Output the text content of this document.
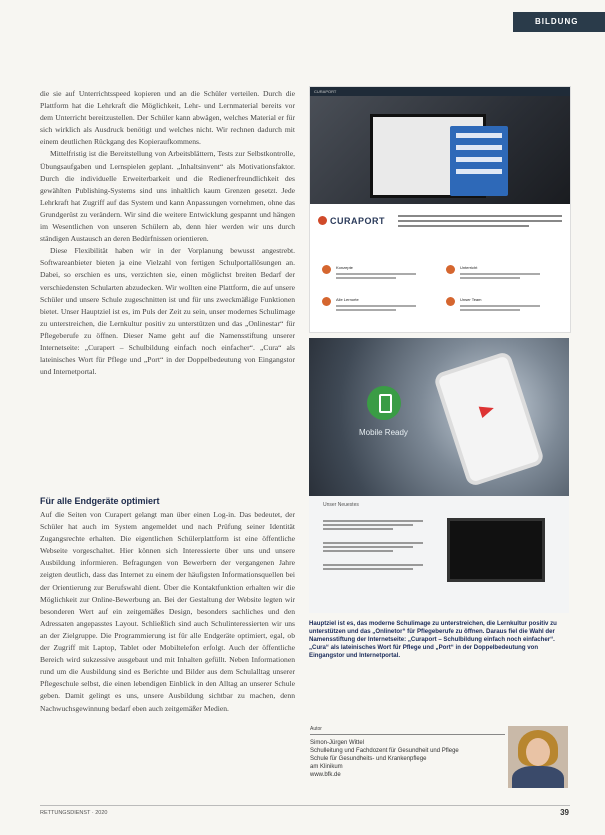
BILDUNG

die sie auf Unterrichtsspeed kopieren und an die Schüler verteilen. Durch die Plattform hat die Lehrkraft die Möglichkeit, Lehr- und Lernmaterial bereits vor dem Unterricht bereitzustellen. Der Schüler kann abwägen, welches Material er für sich wirklich als Ausdruck benötigt und welches nicht. Wir rechnen dadurch mit einem deutlichen Rückgang des Kopieraufkommens.

Mittelfristig ist die Bereitstellung von Arbeitsblättern, Tests zur Selbstkontrolle, Übungsaufgaben und Lernspielen geplant. „Inhaltsinvent“ als Motivationsfaktor. Durch die individuelle Erweiterbarkeit und die Redienerfreundlichkeit des gewählten Publishing-Systems sind uns inhaltlich kaum Grenzen gesetzt. Jede Lehrkraft hat Zugriff auf das System und kann Anpassungen vornehmen, ohne das Grundgerüst zu verändern. Wir sind die weitere Entwicklung gespannt und hängen im Wesentlichen von unseren Schülern ab, denn hier werden wir uns durch ständigen Austausch an deren Bedürfnissen orientieren.

Diese Flexibilität haben wir in der Vorplanung bewusst angestrebt. Softwareanbieter bieten ja eine Vielzahl von fertigen Schulportallösungen an. Dabei, so erschien es uns, verzichten sie, einen möglichst breiten Bedarf der verschiedensten Schularten abzudecken. Wir wollten eine Plattform, die auf unsere Schüler und unsere Schule zugeschnitten ist und für uns zweckmäßige Funktionen bietet. Unser Hauptziel ist es, im Puls der Zeit zu sein, unser modernes Schulimage zu unterstreichen, die Lernkultur positiv zu unterstützen und das „Onlinestar“ für Pflegeberufe zu öffnen. Dieser Name geht auf die Namensstiftung unserer Internetseite: „Curapert – Schulbildung einfach noch einfacher“. „Cura“ als lateinisches Wort für Pflege und „Port“ in der Doppelbedeutung von Eingangstor und Internetportal.

Für alle Endgeräte optimiert

Auf die Seiten von Curapert gelangt man über einen Log-in. Das bedeutet, der Schüler hat auch im System angemeldet und nach Prüfung seiner Identität Zugangsrechte erhalten. Die eigentlichen Schülerplattform ist eine öffentliche Webseite vorgeschaltet. Hier können sich Interessierte über uns und unsere Ausbildung informieren. Befragungen von Bewerbern der vergangenen Jahre zeigten deutlich, dass das Internet zu einem der häufigsten Informationsquellen bei der Orientierung zur Berufswahl dient. Über die Kontaktfunktion erhalten wir die Möglichkeit zur Online-Bewerbung an. Bei der Gestaltung der Website legten wir besonderen Wert auf ein zeitgemäßes Design, besonders sachliches und den Adressaten angepasstes Layout. Schließlich sind auch Schulinteressierten wir uns an der Zielgruppe. Die Programmierung ist für alle Endgeräte optimiert, egal, ob der Zugriff mit Laptop, Tablet oder Mobiltelefon erfolgt. Auch der öffentliche Bereich wird sukzessive ausgebaut und mit Inhalten gefüllt. Neben Informationen rund um die Ausbildung sind es Berichte und Bilder aus dem Schulalltag unserer Pflegeschule selbst, die einen lebendigen Einblick in den Alltag an unserer Schule geben. Damit gelingt es uns, unsere Ausbildung sichtbar zu machen, denn Nachwuchsgewinnung bedarf eben auch zeitgemäßer Medien.

CURAPORT
CURAPORT
Konzepte	Unterricht
Alle Lernorte	Unser Team
Mobile Ready
Unser Neuestes
Hauptziel ist es, das moderne Schulimage zu unterstreichen, die Lernkultur positiv zu unterstützen und das „Onlinetor“ für Pflegeberufe zu öffnen. Daraus fiel die Wahl der Namensstiftung der Internetseite: „Curaport – Schulbildung einfach noch einfacher“. „Cura“ als lateinisches Wort für Pflege und „Port“ in der Doppelbedeutung von Eingangstor und Internetportal.
Autor
Simon-Jürgen Wittel
Schulleitung und Fachdozent für Gesundheit und Pflege
Schule für Gesundheits- und Krankenpflege
am Klinikum
www.bfk.de
RETTUNGSDIENST · 2020	39
